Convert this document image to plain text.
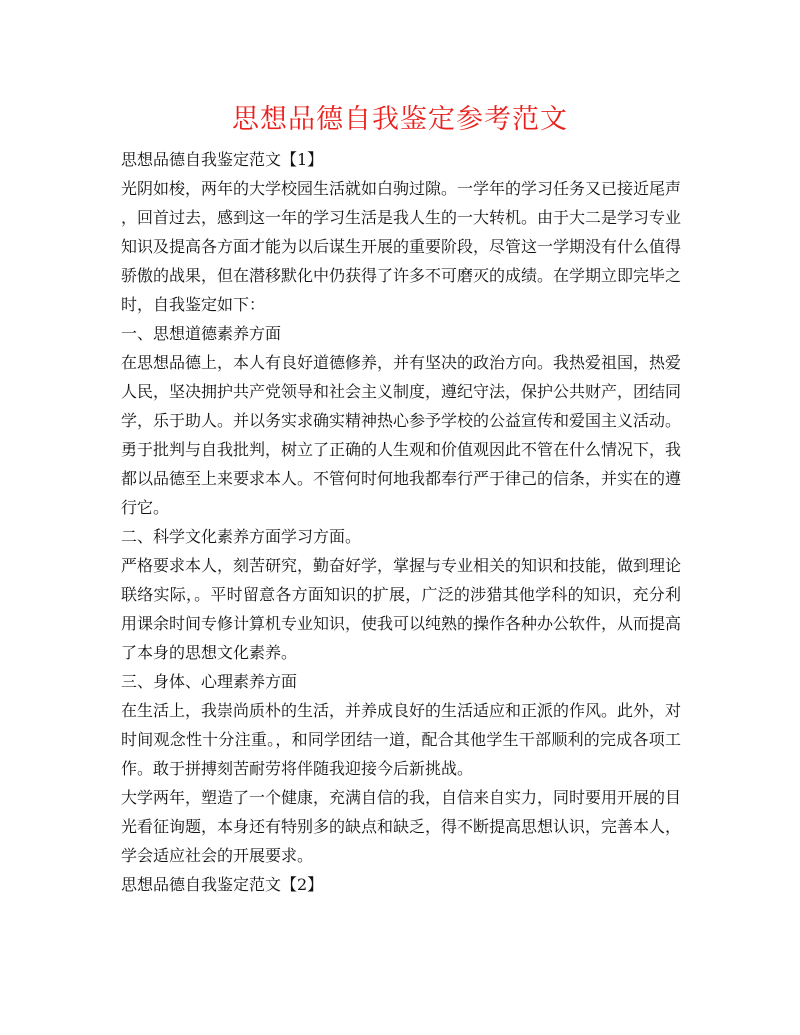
思想品德自我鉴定参考范文
思想品德自我鉴定范文【1】
光阴如梭，两年的大学校园生活就如白驹过隙。一学年的学习任务又已接近尾声
，回首过去，感到这一年的学习生活是我人生的一大转机。由于大二是学习专业
知识及提高各方面才能为以后谋生开展的重要阶段，尽管这一学期没有什么值得
骄傲的战果，但在潜移默化中仍获得了许多不可磨灭的成绩。在学期立即完毕之
时，自我鉴定如下：
一、思想道德素养方面
在思想品德上，本人有良好道德修养，并有坚决的政治方向。我热爱祖国，热爱
人民，坚决拥护共产党领导和社会主义制度，遵纪守法，保护公共财产，团结同
学，乐于助人。并以务实求确实精神热心参予学校的公益宣传和爱国主义活动。
勇于批判与自我批判，树立了正确的人生观和价值观因此不管在什么情况下，我
都以品德至上来要求本人。不管何时何地我都奉行严于律己的信条，并实在的遵
行它。
二、科学文化素养方面学习方面。
严格要求本人，刻苦研究，勤奋好学，掌握与专业相关的知识和技能，做到理论
联络实际，。平时留意各方面知识的扩展，广泛的涉猎其他学科的知识，充分利
用课余时间专修计算机专业知识，使我可以纯熟的操作各种办公软件，从而提高
了本身的思想文化素养。
三、身体、心理素养方面
在生活上，我崇尚质朴的生活，并养成良好的生活适应和正派的作风。此外，对
时间观念性十分注重。，和同学团结一道，配合其他学生干部顺利的完成各项工
作。敢于拼搏刻苦耐劳将伴随我迎接今后新挑战。
大学两年，塑造了一个健康，充满自信的我，自信来自实力，同时要用开展的目
光看征询题，本身还有特别多的缺点和缺乏，得不断提高思想认识，完善本人，
学会适应社会的开展要求。
思想品德自我鉴定范文【2】
